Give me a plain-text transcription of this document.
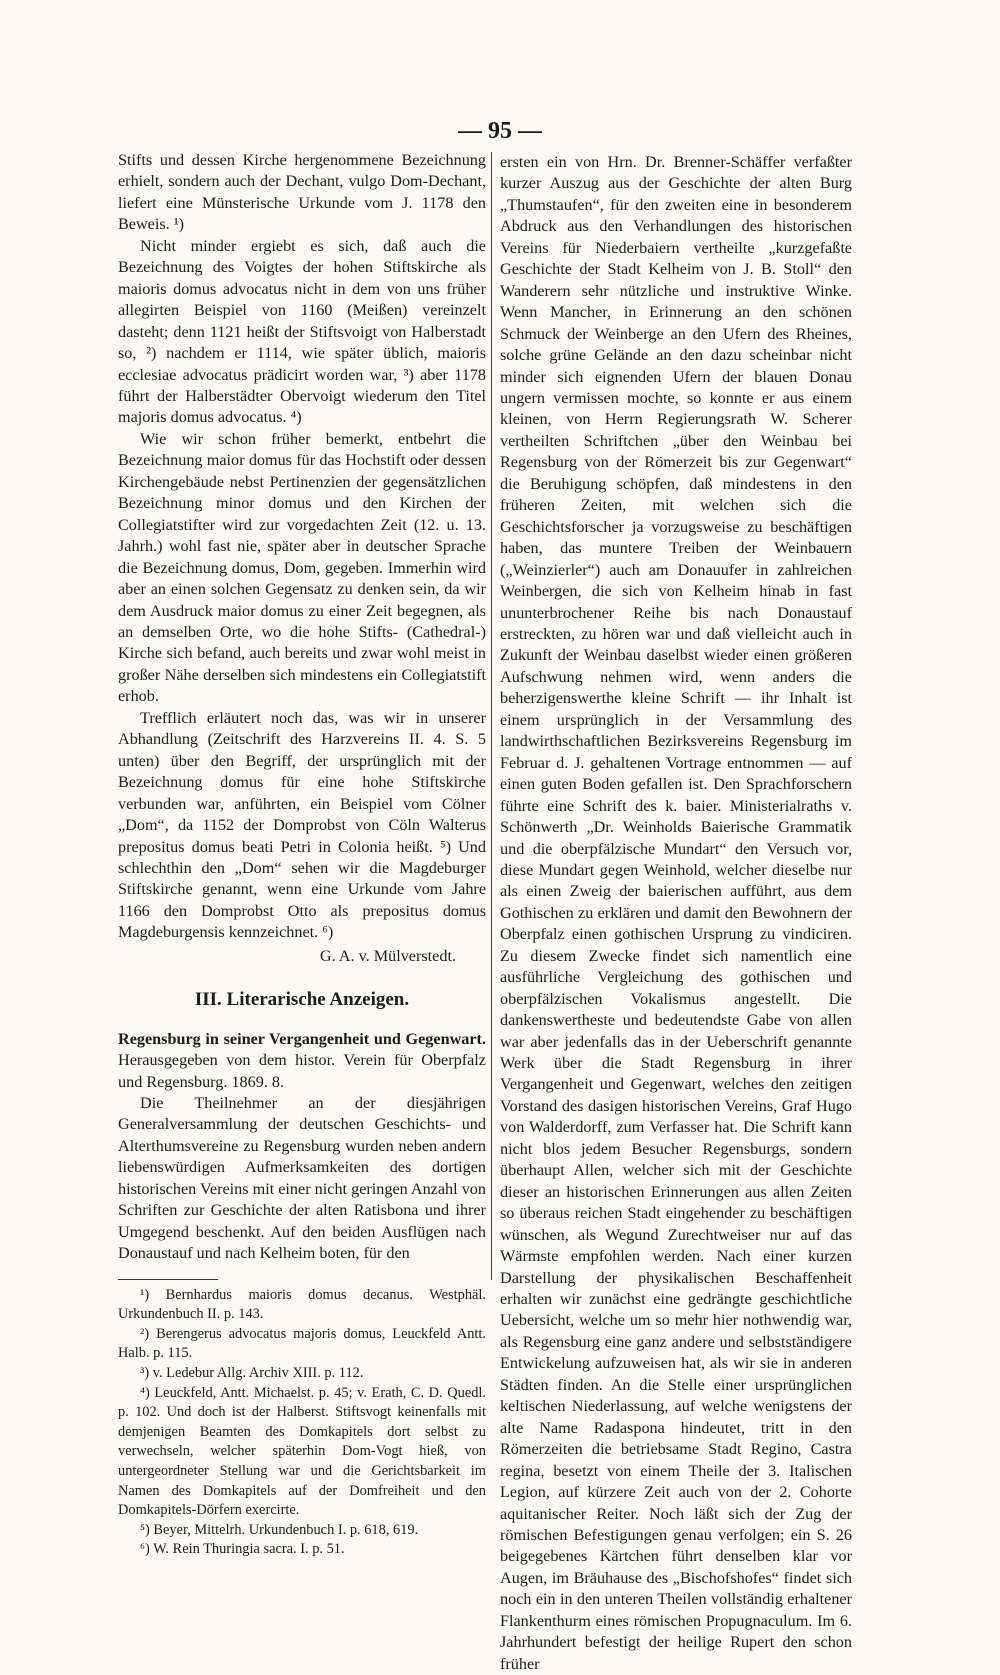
— 95 —

Stifts und dessen Kirche hergenommene Bezeichnung erhielt, sondern auch der Dechant, vulgo Dom-Dechant, liefert eine Münsterische Urkunde vom J. 1178 den Beweis. ¹)

Nicht minder ergiebt es sich, daß auch die Bezeichnung des Voigtes der hohen Stiftskirche als maioris domus advocatus nicht in dem von uns früher allegirten Beispiel von 1160 (Meißen) vereinzelt dasteht; denn 1121 heißt der Stiftsvoigt von Halberstadt so, ²) nachdem er 1114, wie später üblich, maioris ecclesiae advocatus prädicirt worden war, ³) aber 1178 führt der Halberstädter Obervoigt wiederum den Titel majoris domus advocatus. ⁴)

Wie wir schon früher bemerkt, entbehrt die Bezeichnung maior domus für das Hochstift oder dessen Kirchengebäude nebst Pertinenzien der gegensätzlichen Bezeichnung minor domus und den Kirchen der Collegiatstifter wird zur vorgedachten Zeit (12. u. 13. Jahrh.) wohl fast nie, später aber in deutscher Sprache die Bezeichnung domus, Dom, gegeben. Immerhin wird aber an einen solchen Gegensatz zu denken sein, da wir dem Ausdruck maior domus zu einer Zeit begegnen, als an demselben Orte, wo die hohe Stifts- (Cathedral-) Kirche sich befand, auch bereits und zwar wohl meist in großer Nähe derselben sich mindestens ein Collegiatstift erhob.

Trefflich erläutert noch das, was wir in unserer Abhandlung (Zeitschrift des Harzvereins II. 4. S. 5 unten) über den Begriff, der ursprünglich mit der Bezeichnung domus für eine hohe Stiftskirche verbunden war, anführten, ein Beispiel vom Cölner „Dom“, da 1152 der Domprobst von Cöln Walterus prepositus domus beati Petri in Colonia heißt. ⁵) Und schlechthin den „Dom“ sehen wir die Magdeburger Stiftskirche genannt, wenn eine Urkunde vom Jahre 1166 den Domprobst Otto als prepositus domus Magdeburgensis kennzeichnet. ⁶)

G. A. v. Mülverstedt.

III. Literarische Anzeigen.

Regensburg in seiner Vergangenheit und Gegenwart. Herausgegeben von dem histor. Verein für Oberpfalz und Regensburg. 1869. 8.

Die Theilnehmer an der diesjährigen Generalversammlung der deutschen Geschichts- und Alterthumsvereine zu Regensburg wurden neben andern liebenswürdigen Aufmerksamkeiten des dortigen historischen Vereins mit einer nicht geringen Anzahl von Schriften zur Geschichte der alten Ratisbona und ihrer Umgegend beschenkt. Auf den beiden Ausflügen nach Donaustauf und nach Kelheim boten, für den

¹) Bernhardus maioris domus decanus. Westphäl. Urkundenbuch II. p. 143.

²) Berengerus advocatus majoris domus, Leuckfeld Antt. Halb. p. 115.

³) v. Ledebur Allg. Archiv XIII. p. 112.

⁴) Leuckfeld, Antt. Michaelst. p. 45; v. Erath, C. D. Quedl. p. 102. Und doch ist der Halberst. Stiftsvogt keinenfalls mit demjenigen Beamten des Domkapitels dort selbst zu verwechseln, welcher späterhin Dom-Vogt hieß, von untergeordneter Stellung war und die Gerichtsbarkeit im Namen des Domkapitels auf der Domfreiheit und den Domkapitels-Dörfern exercirte.

⁵) Beyer, Mittelrh. Urkundenbuch I. p. 618, 619.

⁶) W. Rein Thuringia sacra. I. p. 51.

ersten ein von Hrn. Dr. Brenner-Schäffer verfaßter kurzer Auszug aus der Geschichte der alten Burg „Thumstaufen“, für den zweiten eine in besonderem Abdruck aus den Verhandlungen des historischen Vereins für Niederbaiern vertheilte „kurzgefaßte Geschichte der Stadt Kelheim von J. B. Stoll“ den Wanderern sehr nützliche und instruktive Winke. Wenn Mancher, in Erinnerung an den schönen Schmuck der Weinberge an den Ufern des Rheines, solche grüne Gelände an den dazu scheinbar nicht minder sich eignenden Ufern der blauen Donau ungern vermissen mochte, so konnte er aus einem kleinen, von Herrn Regierungsrath W. Scherer vertheilten Schriftchen „über den Weinbau bei Regensburg von der Römerzeit bis zur Gegenwart“ die Beruhigung schöpfen, daß mindestens in den früheren Zeiten, mit welchen sich die Geschichtsforscher ja vorzugsweise zu beschäftigen haben, das muntere Treiben der Weinbauern („Weinzierler“) auch am Donauufer in zahlreichen Weinbergen, die sich von Kelheim hinab in fast ununterbrochener Reihe bis nach Donaustauf erstreckten, zu hören war und daß vielleicht auch in Zukunft der Weinbau daselbst wieder einen größeren Aufschwung nehmen wird, wenn anders die beherzigenswerthe kleine Schrift — ihr Inhalt ist einem ursprünglich in der Versammlung des landwirthschaftlichen Bezirksvereins Regensburg im Februar d. J. gehaltenen Vortrage entnommen — auf einen guten Boden gefallen ist. Den Sprachforschern führte eine Schrift des k. baier. Ministerialraths v. Schönwerth „Dr. Weinholds Baierische Grammatik und die oberpfälzische Mundart“ den Versuch vor, diese Mundart gegen Weinhold, welcher dieselbe nur als einen Zweig der baierischen aufführt, aus dem Gothischen zu erklären und damit den Bewohnern der Oberpfalz einen gothischen Ursprung zu vindiciren. Zu diesem Zwecke findet sich namentlich eine ausführliche Vergleichung des gothischen und oberpfälzischen Vokalismus angestellt. Die dankenswertheste und bedeutendste Gabe von allen war aber jedenfalls das in der Ueberschrift genannte Werk über die Stadt Regensburg in ihrer Vergangenheit und Gegenwart, welches den zeitigen Vorstand des dasigen historischen Vereins, Graf Hugo von Walderdorff, zum Verfasser hat. Die Schrift kann nicht blos jedem Besucher Regensburgs, sondern überhaupt Allen, welcher sich mit der Geschichte dieser an historischen Erinnerungen aus allen Zeiten so überaus reichen Stadt eingehender zu beschäftigen wünschen, als Wegund Zurechtweiser nur auf das Wärmste empfohlen werden. Nach einer kurzen Darstellung der physikalischen Beschaffenheit erhalten wir zunächst eine gedrängte geschichtliche Uebersicht, welche um so mehr hier nothwendig war, als Regensburg eine ganz andere und selbstständigere Entwickelung aufzuweisen hat, als wir sie in anderen Städten finden. An die Stelle einer ursprünglichen keltischen Niederlassung, auf welche wenigstens der alte Name Radaspona hindeutet, tritt in den Römerzeiten die betriebsame Stadt Regino, Castra regina, besetzt von einem Theile der 3. Italischen Legion, auf kürzere Zeit auch von der 2. Cohorte aquitanischer Reiter. Noch läßt sich der Zug der römischen Befestigungen genau verfolgen; ein S. 26 beigegebenes Kärtchen führt denselben klar vor Augen, im Bräuhause des „Bischofshofes“ findet sich noch ein in den unteren Theilen vollständig erhaltener Flankenthurm eines römischen Propugnaculum. Im 6. Jahrhundert befestigt der heilige Rupert den schon früher
